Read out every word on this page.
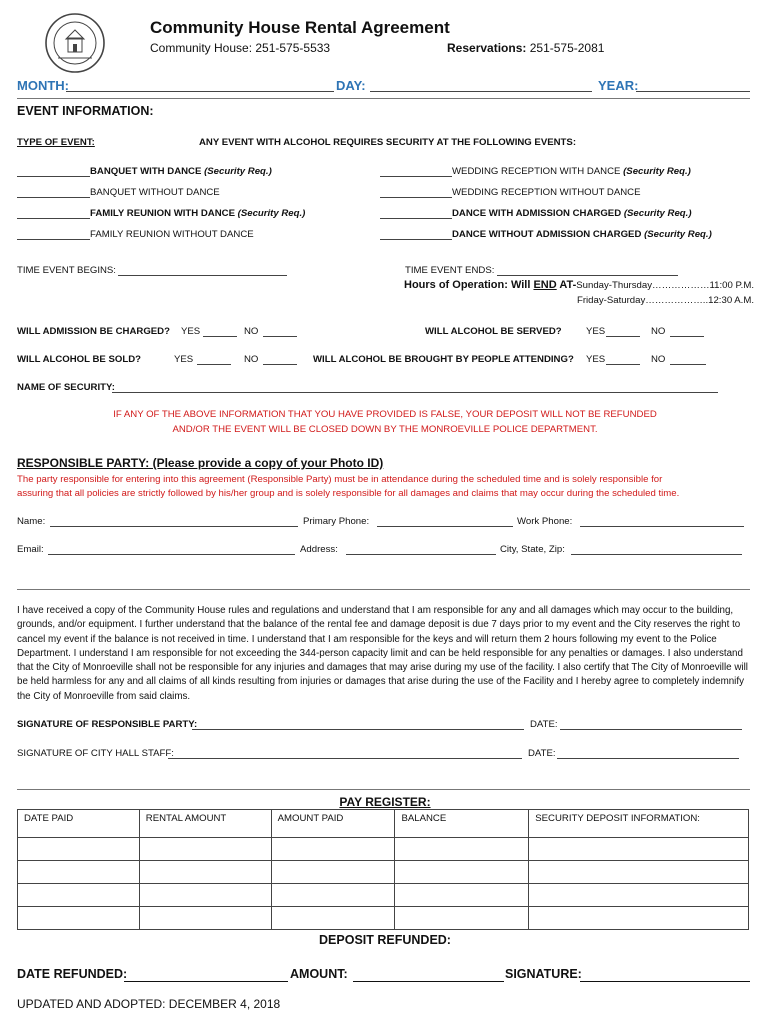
Community House Rental Agreement
Community House: 251-575-5533	Reservations: 251-575-2081
MONTH:	DAY:	YEAR:
EVENT INFORMATION:
TYPE OF EVENT:	ANY EVENT WITH ALCOHOL REQUIRES SECURITY AT THE FOLLOWING EVENTS:
BANQUET WITH DANCE (Security Req.)
BANQUET WITHOUT DANCE
FAMILY REUNION WITH DANCE (Security Req.)
FAMILY REUNION WITHOUT DANCE
WEDDING RECEPTION WITH DANCE (Security Req.)
WEDDING RECEPTION WITHOUT DANCE
DANCE WITH ADMISSION CHARGED (Security Req.)
DANCE WITHOUT ADMISSION CHARGED (Security Req.)
TIME EVENT BEGINS:	TIME EVENT ENDS:
Hours of Operation: Will END AT-Sunday-Thursday………………11:00 P.M.
Friday-Saturday………………..12:30 A.M.
WILL ADMISSION BE CHARGED? YES	NO	WILL ALCOHOL BE SERVED?	YES	NO
WILL ALCOHOL BE SOLD?	YES	NO	WILL ALCOHOL BE BROUGHT BY PEOPLE ATTENDING? YES	NO
NAME OF SECURITY:
IF ANY OF THE ABOVE INFORMATION THAT YOU HAVE PROVIDED IS FALSE, YOUR DEPOSIT WILL NOT BE REFUNDED
AND/OR THE EVENT WILL BE CLOSED DOWN BY THE MONROEVILLE POLICE DEPARTMENT.
RESPONSIBLE PARTY: (Please provide a copy of your Photo ID)
The party responsible for entering into this agreement (Responsible Party) must be in attendance during the scheduled time and is solely responsible for
assuring that all policies are strictly followed by his/her group and is solely responsible for all damages and claims that may occur during the scheduled time.
Name:	Primary Phone:	Work Phone:
Email:	Address:	City, State, Zip:
I have received a copy of the Community House rules and regulations and understand that I am responsible for any and all damages which may occur to the building, grounds, and/or equipment. I further understand that the balance of the rental fee and damage deposit is due 7 days prior to my event and the City reserves the right to cancel my event if the balance is not received in time. I understand that I am responsible for the keys and will return them 2 hours following my event to the Police Department. I understand I am responsible for not exceeding the 344-person capacity limit and can be held responsible for any penalties or damages. I also understand that the City of Monroeville shall not be responsible for any injuries and damages that may arise during my use of the facility. I also certify that The City of Monroeville will be held harmless for any and all claims of all kinds resulting from injuries or damages that arise during the use of the Facility and I hereby agree to completely indemnify the City of Monroeville from said claims.
SIGNATURE OF RESPONSIBLE PARTY:	DATE:
SIGNATURE OF CITY HALL STAFF:	DATE:
PAY REGISTER:
DATE PAID	RENTAL AMOUNT	AMOUNT PAID	BALANCE	SECURITY DEPOSIT INFORMATION:

DEPOSIT REFUNDED:
DATE REFUNDED:	AMOUNT:	SIGNATURE:
UPDATED AND ADOPTED: DECEMBER 4, 2018
